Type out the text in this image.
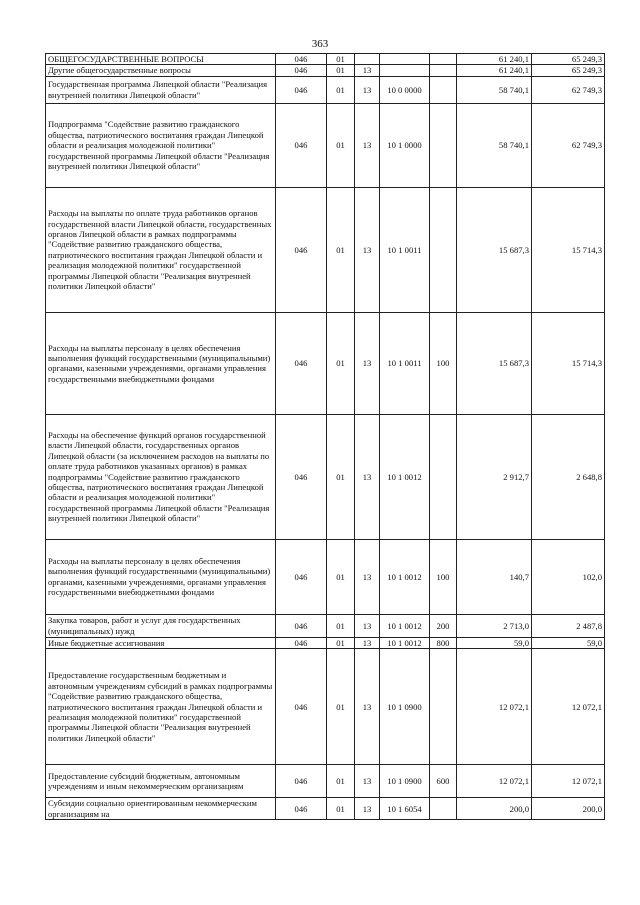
363
ОБЩЕГОСУДАРСТВЕННЫЕ ВОПРОСЫ	046	01				61 240,1	65 249,3
Другие общегосударственные вопросы	046	01	13			61 240,1	65 249,3
Государственная программа Липецкой области "Реализация внутренней политики Липецкой области"	046	01	13	10 0 0000		58 740,1	62 749,3
Подпрограмма "Содействие развитию гражданского общества, патриотического воспитания граждан Липецкой области и реализация молодежной политики" государственной программы Липецкой области "Реализация внутренней политики Липецкой области"	046	01	13	10 1 0000		58 740,1	62 749,3
Расходы на выплаты по оплате труда работников органов государственной власти Липецкой области, государственных органов Липецкой области в рамках подпрограммы "Содействие развитию гражданского общества, патриотического воспитания граждан Липецкой области и реализация молодежной политики" государственной программы Липецкой области "Реализация внутренней политики Липецкой области"	046	01	13	10 1 0011		15 687,3	15 714,3
Расходы на выплаты персоналу в целях обеспечения выполнения функций государственными (муниципальными) органами, казенными учреждениями, органами управления государственными внебюджетными фондами	046	01	13	10 1 0011	100	15 687,3	15 714,3
Расходы на обеспечение функций органов государственной власти Липецкой области, государственных органов Липецкой области (за исключением расходов на выплаты по оплате труда работников указанных органов) в рамках подпрограммы "Содействие развитию гражданского общества, патриотического воспитания граждан Липецкой области и реализация молодежной политики" государственной программы Липецкой области "Реализация внутренней политики Липецкой области"	046	01	13	10 1 0012		2 912,7	2 648,8
Расходы на выплаты персоналу в целях обеспечения выполнения функций государственными (муниципальными) органами, казенными учреждениями, органами управления государственными внебюджетными фондами	046	01	13	10 1 0012	100	140,7	102,0
Закупка товаров, работ и услуг для государственных (муниципальных) нужд	046	01	13	10 1 0012	200	2 713,0	2 487,8
Иные бюджетные ассигнования	046	01	13	10 1 0012	800	59,0	59,0
Предоставление государственным бюджетным и автономным учреждениям субсидий в рамках подпрограммы "Содействие развитию гражданского общества, патриотического воспитания граждан Липецкой области и реализация молодежной политики" государственной программы Липецкой области "Реализация внутренней политики Липецкой области"	046	01	13	10 1 0900		12 072,1	12 072,1
Предоставление субсидий бюджетным, автономным учреждениям и иным некоммерческим организациям	046	01	13	10 1 0900	600	12 072,1	12 072,1
Субсидии социально ориентированным некоммерческим организациям на	046	01	13	10 1 6054		200,0	200,0
